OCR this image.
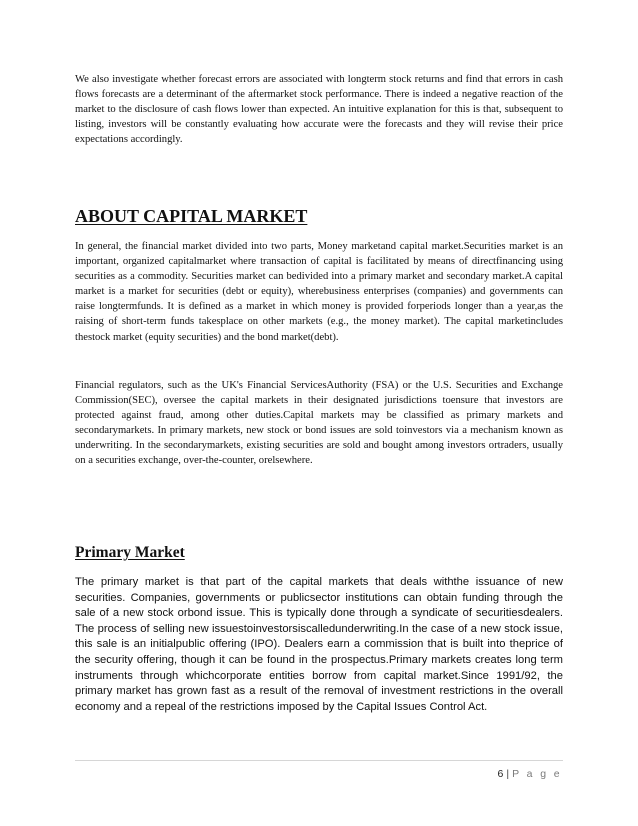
We also investigate whether forecast errors are associated with longterm stock returns and find that errors in cash flows forecasts are a determinant of the aftermarket stock performance. There is indeed a negative reaction of the market to the disclosure of cash flows lower than expected. An intuitive explanation for this is that, subsequent to listing, investors will be constantly evaluating how accurate were the forecasts and they will revise their price expectations accordingly.

ABOUT CAPITAL MARKET

In general, the financial market divided into two parts, Money marketand capital market.Securities market is an important, organized capitalmarket where transaction of capital is facilitated by means of directfinancing using securities as a commodity. Securities market can bedivided into a primary market and secondary market.A capital market is a market for securities (debt or equity), wherebusiness enterprises (companies) and governments can raise longtermfunds. It is defined as a market in which money is provided forperiods longer than a year,as the raising of short-term funds takesplace on other markets (e.g., the money market). The capital marketincludes thestock market (equity securities) and the bond market(debt).

Financial regulators, such as the UK's Financial ServicesAuthority (FSA) or the U.S. Securities and Exchange Commission(SEC), oversee the capital markets in their designated jurisdictions toensure that investors are protected against fraud, among other duties.Capital markets may be classified as primary markets and secondarymarkets. In primary markets, new stock or bond issues are sold toinvestors via a mechanism known as underwriting. In the secondarymarkets, existing securities are sold and bought among investors ortraders, usually on a securities exchange, over-the-counter, orelsewhere.

Primary Market

The primary market is that part of the capital markets that deals withthe issuance of new securities. Companies, governments or publicsector institutions can obtain funding through the sale of a new stock orbond issue. This is typically done through a syndicate of securitiesdealers. The process of selling new issuestoinvestorsiscalledunderwriting.In the case of a new stock issue, this sale is an initialpublic offering (IPO). Dealers earn a commission that is built into theprice of the security offering, though it can be found in the prospectus.Primary markets creates long term instruments through whichcorporate entities borrow from capital market.Since 1991/92, the primary market has grown fast as a result of the removal of investment restrictions in the overall economy and a repeal of the restrictions imposed by the Capital Issues Control Act.

6 | P a g e
